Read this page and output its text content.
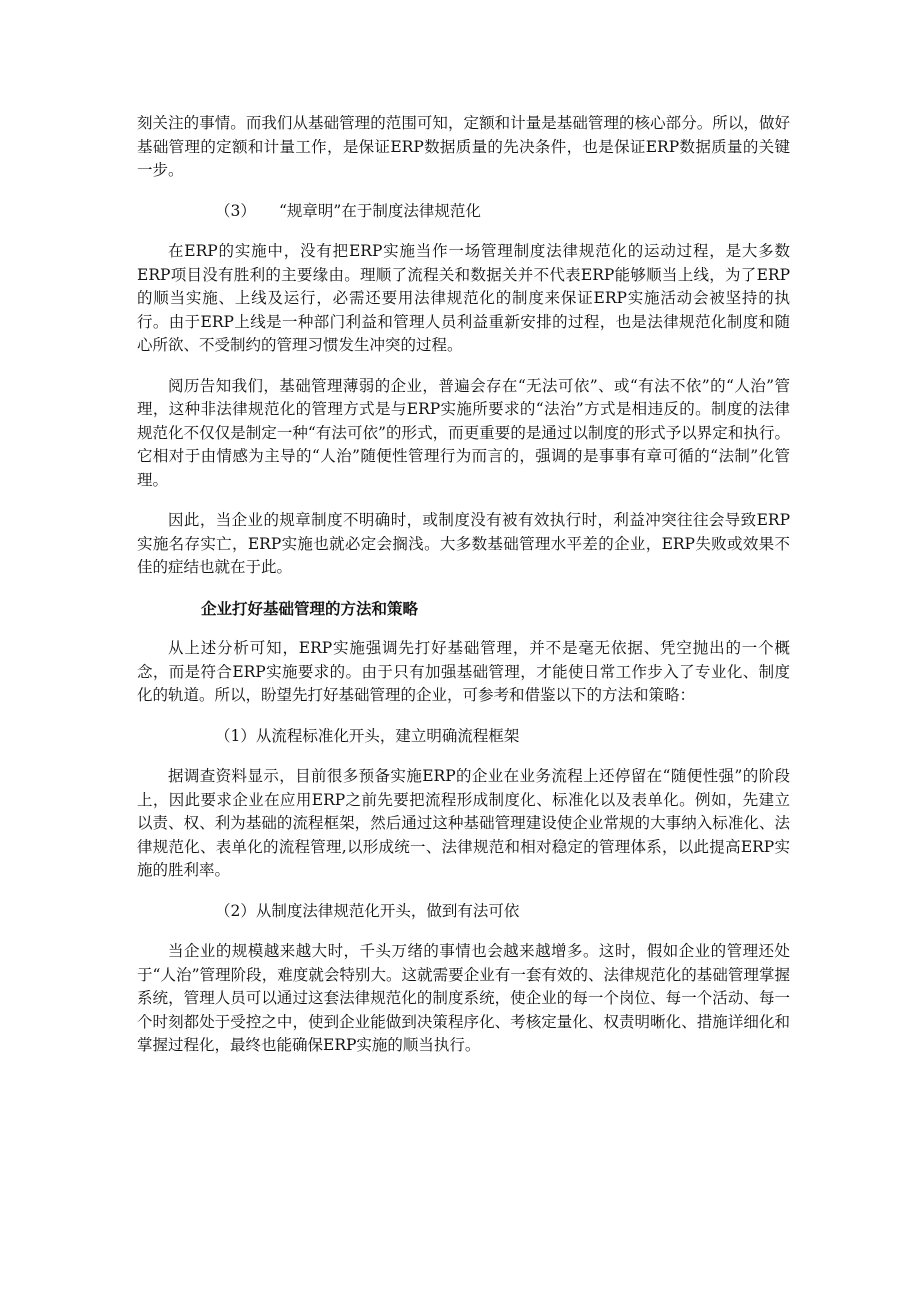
刻关注的事情。而我们从基础管理的范围可知，定额和计量是基础管理的核心部分。所以，做好基础管理的定额和计量工作，是保证ERP数据质量的先决条件，也是保证ERP数据质量的关键一步。

（3） “规章明”在于制度法律规范化

在ERP的实施中，没有把ERP实施当作一场管理制度法律规范化的运动过程，是大多数ERP项目没有胜利的主要缘由。理顺了流程关和数据关并不代表ERP能够顺当上线，为了ERP的顺当实施、上线及运行，必需还要用法律规范化的制度来保证ERP实施活动会被坚持的执行。由于ERP上线是一种部门利益和管理人员利益重新安排的过程，也是法律规范化制度和随心所欲、不受制约的管理习惯发生冲突的过程。

阅历告知我们，基础管理薄弱的企业，普遍会存在“无法可依”、或“有法不依”的“人治”管理，这种非法律规范化的管理方式是与ERP实施所要求的“法治”方式是相违反的。制度的法律规范化不仅仅是制定一种“有法可依”的形式，而更重要的是通过以制度的形式予以界定和执行。它相对于由情感为主导的“人治”随便性管理行为而言的，强调的是事事有章可循的“法制”化管理。

因此，当企业的规章制度不明确时，或制度没有被有效执行时，利益冲突往往会导致ERP实施名存实亡，ERP实施也就必定会搁浅。大多数基础管理水平差的企业，ERP失败或效果不佳的症结也就在于此。

企业打好基础管理的方法和策略

从上述分析可知，ERP实施强调先打好基础管理，并不是毫无依据、凭空抛出的一个概念，而是符合ERP实施要求的。由于只有加强基础管理，才能使日常工作步入了专业化、制度化的轨道。所以，盼望先打好基础管理的企业，可参考和借鉴以下的方法和策略：

（1）从流程标准化开头，建立明确流程框架

据调查资料显示，目前很多预备实施ERP的企业在业务流程上还停留在“随便性强”的阶段上，因此要求企业在应用ERP之前先要把流程形成制度化、标准化以及表单化。例如，先建立以责、权、利为基础的流程框架，然后通过这种基础管理建设使企业常规的大事纳入标准化、法律规范化、表单化的流程管理,以形成统一、法律规范和相对稳定的管理体系，以此提高ERP实施的胜利率。

（2）从制度法律规范化开头，做到有法可依

当企业的规模越来越大时，千头万绪的事情也会越来越增多。这时，假如企业的管理还处于“人治”管理阶段，难度就会特别大。这就需要企业有一套有效的、法律规范化的基础管理掌握系统，管理人员可以通过这套法律规范化的制度系统，使企业的每一个岗位、每一个活动、每一个时刻都处于受控之中，使到企业能做到决策程序化、考核定量化、权责明晰化、措施详细化和掌握过程化，最终也能确保ERP实施的顺当执行。
